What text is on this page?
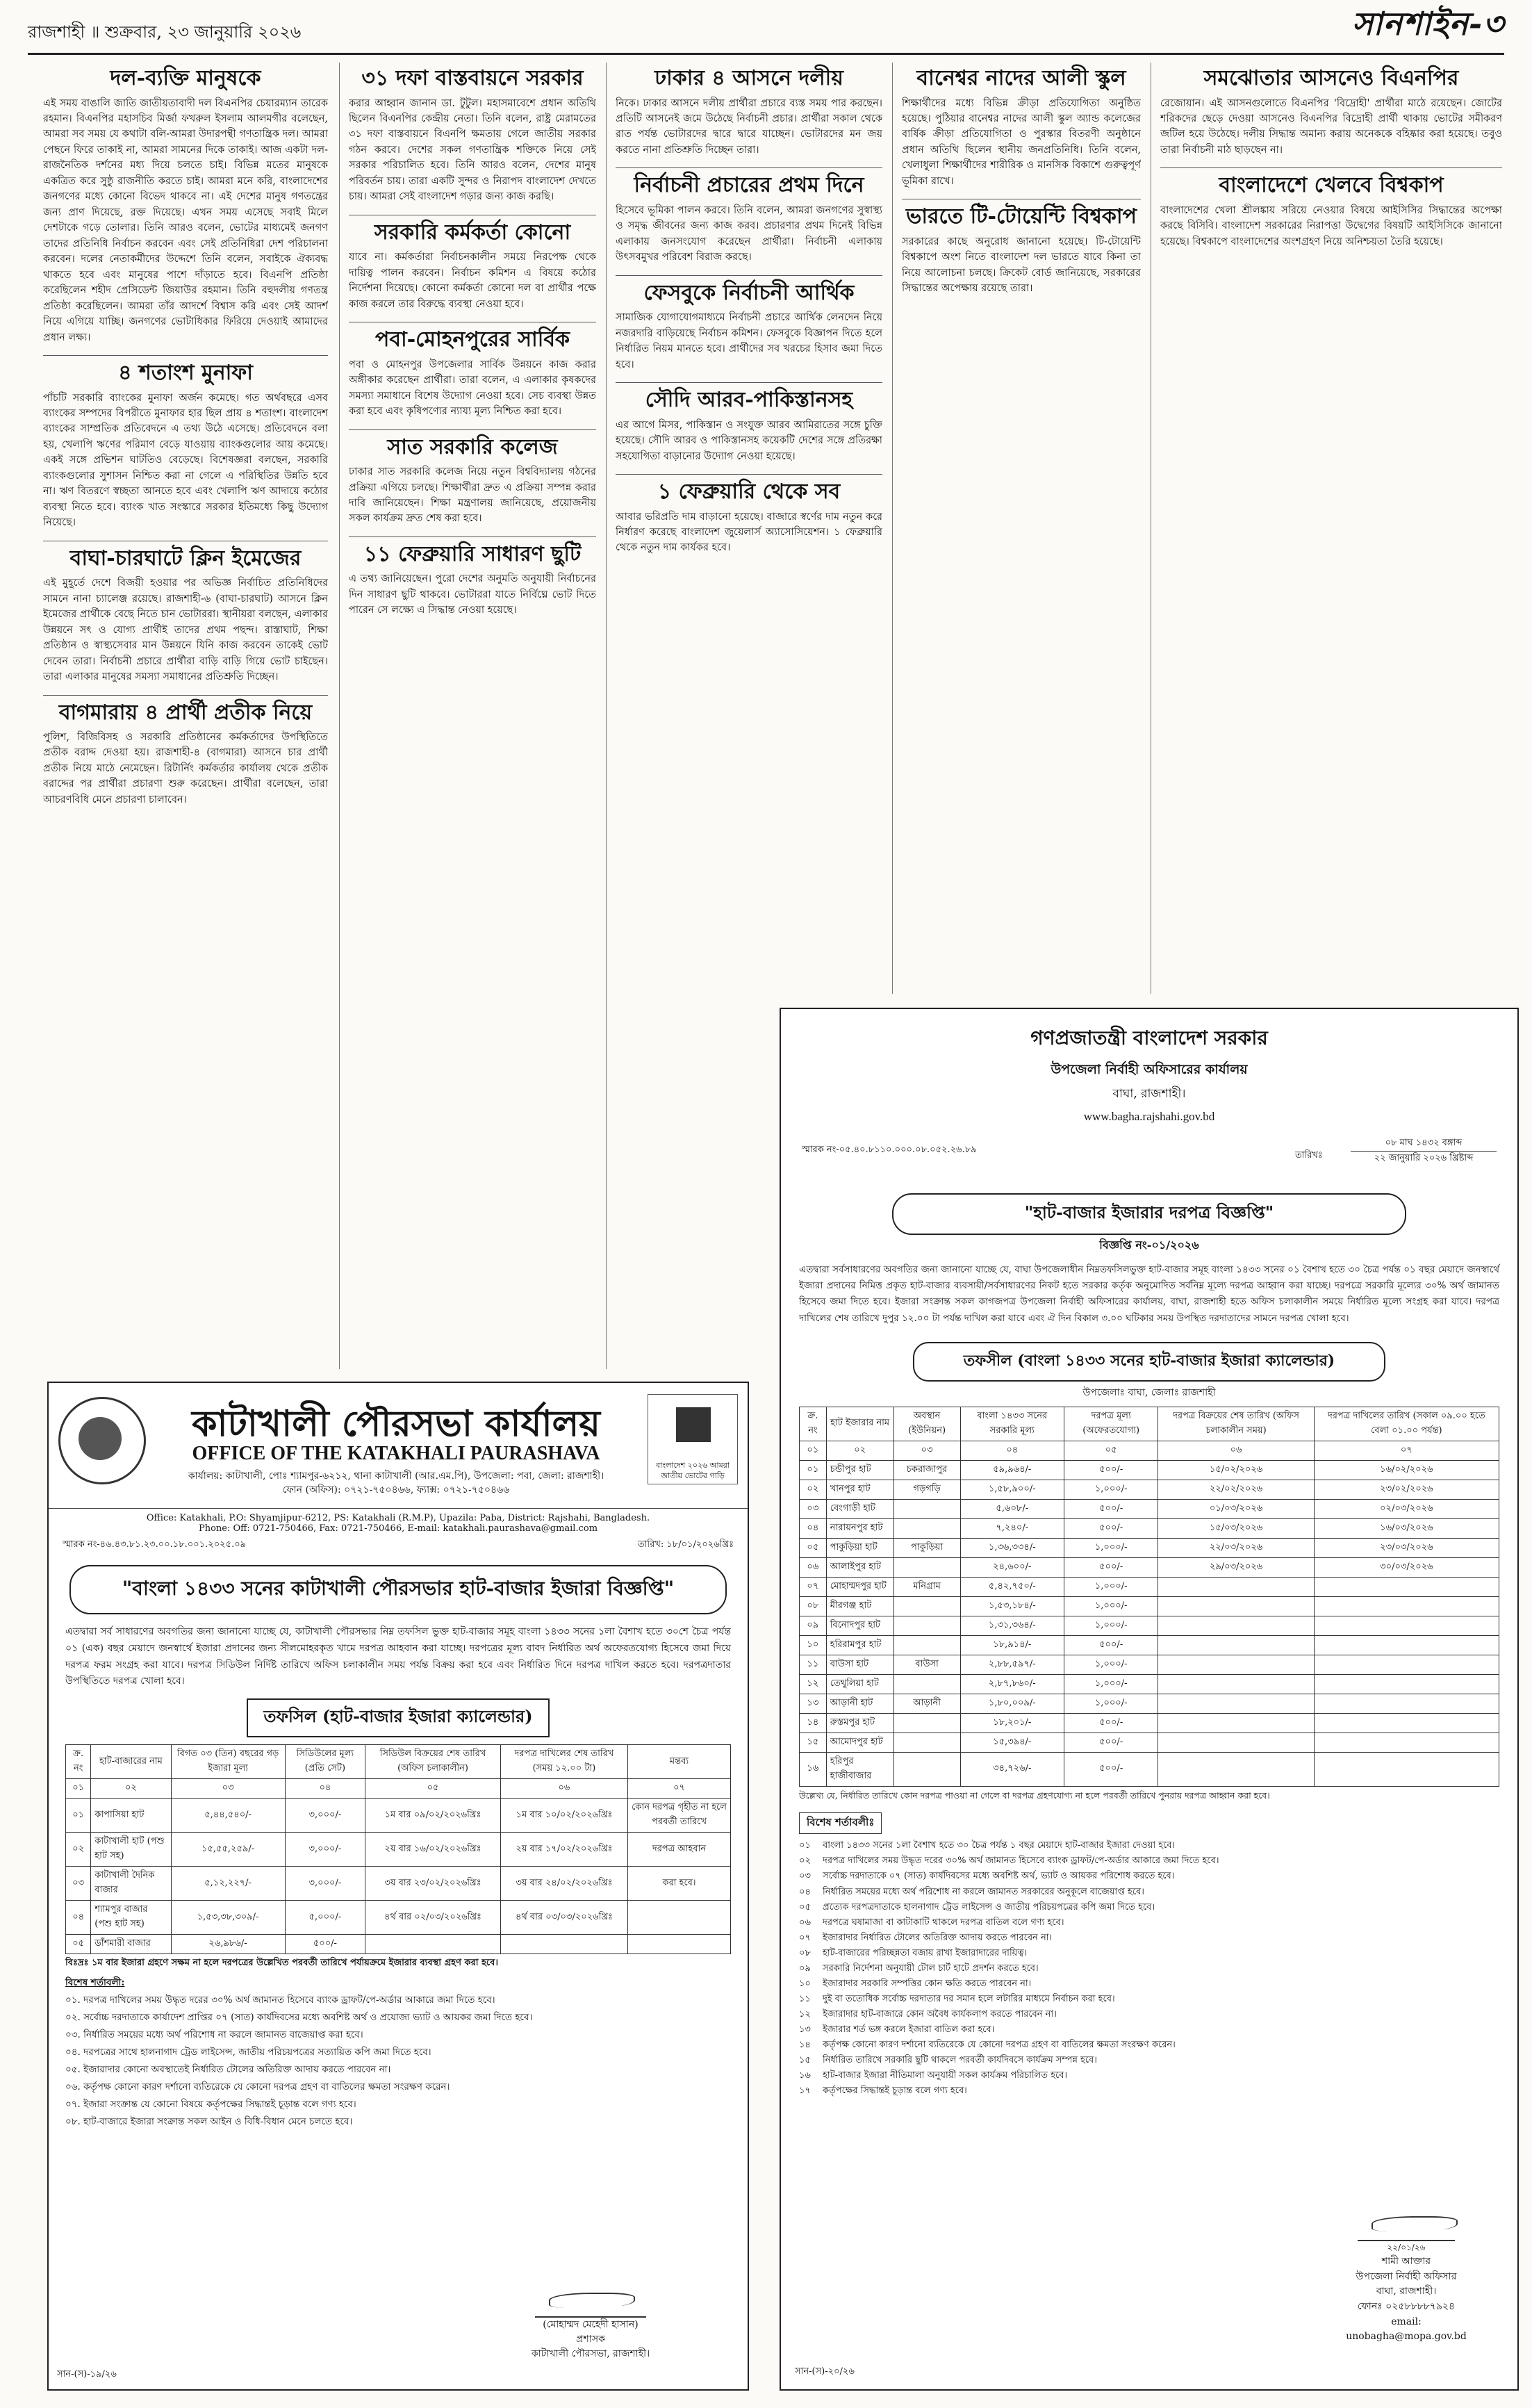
রাজশাহী ॥ শুক্রবার, ২৩ জানুয়ারি ২০২৬	সানশাইন-৩
দল-ব্যক্তি মানুষকে
এই সময় বাঙালি জাতি জাতীয়তাবাদী দল বিএনপির চেয়ারম্যান তারেক রহমান। বিএনপির মহাসচিব মির্জা ফখরুল ইসলাম আলমগীর বলেছেন, আমরা সব সময় যে কথাটা বলি-আমরা উদারপন্থী গণতান্ত্রিক দল। আমরা পেছনে ফিরে তাকাই না, আমরা সামনের দিকে তাকাই। আজ একটা দল-রাজনৈতিক দর্শনের মধ্য দিয়ে চলতে চাই। বিভিন্ন মতের মানুষকে একত্রিত করে সুষ্ঠু রাজনীতি করতে চাই। আমরা মনে করি, বাংলাদেশের জনগণের মধ্যে কোনো বিভেদ থাকবে না। এই দেশের মানুষ গণতন্ত্রের জন্য প্রাণ দিয়েছে, রক্ত দিয়েছে। এখন সময় এসেছে সবাই মিলে দেশটাকে গড়ে তোলার। তিনি আরও বলেন, ভোটের মাধ্যমেই জনগণ তাদের প্রতিনিধি নির্বাচন করবেন এবং সেই প্রতিনিধিরা দেশ পরিচালনা করবেন। দলের নেতাকর্মীদের উদ্দেশে তিনি বলেন, সবাইকে ঐক্যবদ্ধ থাকতে হবে এবং মানুষের পাশে দাঁড়াতে হবে। বিএনপি প্রতিষ্ঠা করেছিলেন শহীদ প্রেসিডেন্ট জিয়াউর রহমান। তিনি বহুদলীয় গণতন্ত্র প্রতিষ্ঠা করেছিলেন। আমরা তাঁর আদর্শে বিশ্বাস করি এবং সেই আদর্শ নিয়ে এগিয়ে যাচ্ছি। জনগণের ভোটাধিকার ফিরিয়ে দেওয়াই আমাদের প্রধান লক্ষ্য।
৪ শতাংশ মুনাফা
পাঁচটি সরকারি ব্যাংকের মুনাফা অর্জন কমেছে। গত অর্থবছরে এসব ব্যাংকের সম্পদের বিপরীতে মুনাফার হার ছিল প্রায় ৪ শতাংশ। বাংলাদেশ ব্যাংকের সাম্প্রতিক প্রতিবেদনে এ তথ্য উঠে এসেছে। প্রতিবেদনে বলা হয়, খেলাপি ঋণের পরিমাণ বেড়ে যাওয়ায় ব্যাংকগুলোর আয় কমেছে। একই সঙ্গে প্রভিশন ঘাটতিও বেড়েছে। বিশেষজ্ঞরা বলছেন, সরকারি ব্যাংকগুলোর সুশাসন নিশ্চিত করা না গেলে এ পরিস্থিতির উন্নতি হবে না। ঋণ বিতরণে স্বচ্ছতা আনতে হবে এবং খেলাপি ঋণ আদায়ে কঠোর ব্যবস্থা নিতে হবে। ব্যাংক খাত সংস্কারে সরকার ইতিমধ্যে কিছু উদ্যোগ নিয়েছে।
বাঘা-চারঘাটে ক্লিন ইমেজের
এই মুহূর্তে দেশে বিজয়ী হওয়ার পর অভিজ্ঞ নির্বাচিত প্রতিনিধিদের সামনে নানা চ্যালেঞ্জ রয়েছে। রাজশাহী-৬ (বাঘা-চারঘাট) আসনে ক্লিন ইমেজের প্রার্থীকে বেছে নিতে চান ভোটাররা। স্থানীয়রা বলছেন, এলাকার উন্নয়নে সৎ ও যোগ্য প্রার্থীই তাদের প্রথম পছন্দ। রাস্তাঘাট, শিক্ষা প্রতিষ্ঠান ও স্বাস্থ্যসেবার মান উন্নয়নে যিনি কাজ করবেন তাকেই ভোট দেবেন তারা। নির্বাচনী প্রচারে প্রার্থীরা বাড়ি বাড়ি গিয়ে ভোট চাইছেন। তারা এলাকার মানুষের সমস্যা সমাধানের প্রতিশ্রুতি দিচ্ছেন।
বাগমারায় ৪ প্রার্থী প্রতীক নিয়ে
পুলিশ, বিজিবিসহ ও সরকারি প্রতিষ্ঠানের কর্মকর্তাদের উপস্থিতিতে প্রতীক বরাদ্দ দেওয়া হয়। রাজশাহী-৪ (বাগমারা) আসনে চার প্রার্থী প্রতীক নিয়ে মাঠে নেমেছেন। রিটার্নিং কর্মকর্তার কার্যালয় থেকে প্রতীক বরাদ্দের পর প্রার্থীরা প্রচারণা শুরু করেছেন। প্রার্থীরা বলেছেন, তারা আচরণবিধি মেনে প্রচারণা চালাবেন।
৩১ দফা বাস্তবায়নে সরকার
করার আহ্বান জানান ডা. টুটুল। মহাসমাবেশে প্রধান অতিথি ছিলেন বিএনপির কেন্দ্রীয় নেতা। তিনি বলেন, রাষ্ট্র মেরামতের ৩১ দফা বাস্তবায়নে বিএনপি ক্ষমতায় গেলে জাতীয় সরকার গঠন করবে। দেশের সকল গণতান্ত্রিক শক্তিকে নিয়ে সেই সরকার পরিচালিত হবে। তিনি আরও বলেন, দেশের মানুষ পরিবর্তন চায়। তারা একটি সুন্দর ও নিরাপদ বাংলাদেশ দেখতে চায়। আমরা সেই বাংলাদেশ গড়ার জন্য কাজ করছি।
সরকারি কর্মকর্তা কোনো
যাবে না। কর্মকর্তারা নির্বাচনকালীন সময়ে নিরপেক্ষ থেকে দায়িত্ব পালন করবেন। নির্বাচন কমিশন এ বিষয়ে কঠোর নির্দেশনা দিয়েছে। কোনো কর্মকর্তা কোনো দল বা প্রার্থীর পক্ষে কাজ করলে তার বিরুদ্ধে ব্যবস্থা নেওয়া হবে।
পবা-মোহনপুরের সার্বিক
পবা ও মোহনপুর উপজেলার সার্বিক উন্নয়নে কাজ করার অঙ্গীকার করেছেন প্রার্থীরা। তারা বলেন, এ এলাকার কৃষকদের সমস্যা সমাধানে বিশেষ উদ্যোগ নেওয়া হবে। সেচ ব্যবস্থা উন্নত করা হবে এবং কৃষিপণ্যের ন্যায্য মূল্য নিশ্চিত করা হবে।
সাত সরকারি কলেজ
ঢাকার সাত সরকারি কলেজ নিয়ে নতুন বিশ্ববিদ্যালয় গঠনের প্রক্রিয়া এগিয়ে চলছে। শিক্ষার্থীরা দ্রুত এ প্রক্রিয়া সম্পন্ন করার দাবি জানিয়েছেন। শিক্ষা মন্ত্রণালয় জানিয়েছে, প্রয়োজনীয় সকল কার্যক্রম দ্রুত শেষ করা হবে।
১১ ফেব্রুয়ারি সাধারণ ছুটি
এ তথ্য জানিয়েছেন। পুরো দেশের অনুমতি অনুযায়ী নির্বাচনের দিন সাধারণ ছুটি থাকবে। ভোটাররা যাতে নির্বিঘ্নে ভোট দিতে পারেন সে লক্ষ্যে এ সিদ্ধান্ত নেওয়া হয়েছে।
ঢাকার ৪ আসনে দলীয়
নিকে। ঢাকার আসনে দলীয় প্রার্থীরা প্রচারে ব্যস্ত সময় পার করছেন। প্রতিটি আসনেই জমে উঠেছে নির্বাচনী প্রচার। প্রার্থীরা সকাল থেকে রাত পর্যন্ত ভোটারদের দ্বারে দ্বারে যাচ্ছেন। ভোটারদের মন জয় করতে নানা প্রতিশ্রুতি দিচ্ছেন তারা।
নির্বাচনী প্রচারের প্রথম দিনে
হিসেবে ভূমিকা পালন করবে। তিনি বলেন, আমরা জনগণের সুস্বাস্থ্য ও সমৃদ্ধ জীবনের জন্য কাজ করব। প্রচারণার প্রথম দিনেই বিভিন্ন এলাকায় জনসংযোগ করেছেন প্রার্থীরা। নির্বাচনী এলাকায় উৎসবমুখর পরিবেশ বিরাজ করছে।
ফেসবুকে নির্বাচনী আর্থিক
সামাজিক যোগাযোগমাধ্যমে নির্বাচনী প্রচারে আর্থিক লেনদেন নিয়ে নজরদারি বাড়িয়েছে নির্বাচন কমিশন। ফেসবুকে বিজ্ঞাপন দিতে হলে নির্ধারিত নিয়ম মানতে হবে। প্রার্থীদের সব খরচের হিসাব জমা দিতে হবে।
সৌদি আরব-পাকিস্তানসহ
এর আগে মিসর, পাকিস্তান ও সংযুক্ত আরব আমিরাতের সঙ্গে চুক্তি হয়েছে। সৌদি আরব ও পাকিস্তানসহ কয়েকটি দেশের সঙ্গে প্রতিরক্ষা সহযোগিতা বাড়ানোর উদ্যোগ নেওয়া হয়েছে।
১ ফেব্রুয়ারি থেকে সব
আবার ভরিপ্রতি দাম বাড়ানো হয়েছে। বাজারে স্বর্ণের দাম নতুন করে নির্ধারণ করেছে বাংলাদেশ জুয়েলার্স অ্যাসোসিয়েশন। ১ ফেব্রুয়ারি থেকে নতুন দাম কার্যকর হবে।
বানেশ্বর নাদের আলী স্কুল
শিক্ষার্থীদের মধ্যে বিভিন্ন ক্রীড়া প্রতিযোগিতা অনুষ্ঠিত হয়েছে। পুঠিয়ার বানেশ্বর নাদের আলী স্কুল অ্যান্ড কলেজের বার্ষিক ক্রীড়া প্রতিযোগিতা ও পুরস্কার বিতরণী অনুষ্ঠানে প্রধান অতিথি ছিলেন স্থানীয় জনপ্রতিনিধি। তিনি বলেন, খেলাধুলা শিক্ষার্থীদের শারীরিক ও মানসিক বিকাশে গুরুত্বপূর্ণ ভূমিকা রাখে।
ভারতে টি-টোয়েন্টি বিশ্বকাপ
সরকারের কাছে অনুরোধ জানানো হয়েছে। টি-টোয়েন্টি বিশ্বকাপে অংশ নিতে বাংলাদেশ দল ভারতে যাবে কিনা তা নিয়ে আলোচনা চলছে। ক্রিকেট বোর্ড জানিয়েছে, সরকারের সিদ্ধান্তের অপেক্ষায় রয়েছে তারা।
সমঝোতার আসনেও বিএনপির
রেজোয়ান। এই আসনগুলোতে বিএনপির 'বিদ্রোহী' প্রার্থীরা মাঠে রয়েছেন। জোটের শরিকদের ছেড়ে দেওয়া আসনেও বিএনপির বিদ্রোহী প্রার্থী থাকায় ভোটের সমীকরণ জটিল হয়ে উঠেছে। দলীয় সিদ্ধান্ত অমান্য করায় অনেককে বহিষ্কার করা হয়েছে। তবুও তারা নির্বাচনী মাঠ ছাড়ছেন না।
বাংলাদেশে খেলবে বিশ্বকাপ
বাংলাদেশের খেলা শ্রীলঙ্কায় সরিয়ে নেওয়ার বিষয়ে আইসিসির সিদ্ধান্তের অপেক্ষা করছে বিসিবি। বাংলাদেশ সরকারের নিরাপত্তা উদ্বেগের বিষয়টি আইসিসিকে জানানো হয়েছে। বিশ্বকাপে বাংলাদেশের অংশগ্রহণ নিয়ে অনিশ্চয়তা তৈরি হয়েছে।
কাটাখালী পৌরসভা কার্যালয়
OFFICE OF THE KATAKHALI PAURASHAVA
কার্যালয়: কাটাখালী, পোঃ শ্যামপুর-৬২১২, থানা কাটাখালী (আর.এম.পি), উপজেলা: পবা, জেলা: রাজশাহী।
ফোন (অফিস): ০৭২১-৭৫০৪৬৬, ফ্যাক্স: ০৭২১-৭৫০৪৬৬
বাংলাদেশ ২০২৬ আমরা জাতীয় ভোটের গাড়ি
Office: Katakhali, P.O: Shyamjipur-6212, PS: Katakhali (R.M.P), Upazila: Paba, District: Rajshahi, Bangladesh.
Phone: Off: 0721-750466, Fax: 0721-750466, E-mail: katakhali.paurashava@gmail.com
স্মারক নং-৪৬.৪৩.৮১.২৩.০০.১৮.০০১.২০২৫.০৯	তারিখ: ১৮/০১/২০২৬খ্রিঃ
"বাংলা ১৪৩৩ সনের কাটাখালী পৌরসভার হাট-বাজার ইজারা বিজ্ঞপ্তি"
এতদ্বারা সর্ব সাধারণের অবগতির জন্য জানানো যাচ্ছে যে, কাটাখালী পৌরসভার নিম্ন তফসিল ভুক্ত হাট-বাজার সমূহ বাংলা ১৪৩৩ সনের ১লা বৈশাখ হতে ৩০শে চৈত্র পর্যন্ত ০১ (এক) বছর মেয়াদে জনস্বার্থে ইজারা প্রদানের জন্য সীলমোহরকৃত খামে দরপত্র আহবান করা যাচ্ছে। দরপত্রের মূল্য বাবদ নির্ধারিত অর্থ অফেরতযোগ্য হিসেবে জমা দিয়ে দরপত্র ফরম সংগ্রহ করা যাবে। দরপত্র সিডিউল নির্দিষ্ট তারিখে অফিস চলাকালীন সময় পর্যন্ত বিক্রয় করা হবে এবং নির্ধারিত দিনে দরপত্র দাখিল করতে হবে। দরপত্রদাতার উপস্থিতিতে দরপত্র খোলা হবে।
তফসিল (হাট-বাজার ইজারা ক্যালেন্ডার)
ক্র. নং	হাট-বাজারের নাম	বিগত ০৩ (তিন) বছরের গড় ইজারা মূল্য	সিডিউলের মূল্য (প্রতি সেট)	সিডিউল বিক্রয়ের শেষ তারিখ (অফিস চলাকালীন)	দরপত্র দাখিলের শেষ তারিখ (সময় ১২.০০ টা)	মন্তব্য
০১	০২	০৩	০৪	০৫	০৬	০৭
০১	কাপাসিয়া হাট	৫,৪৪,৫৪০/-	৩,০০০/-	১ম বার ০৯/০২/২০২৬খ্রিঃ	১ম বার ১০/০২/২০২৬খ্রিঃ	কোন দরপত্র গৃহীত না হলে পরবর্তী তারিখে
০২	কাটাখালী হাট (পশু হাট সহ)	১৫,৫৫,২৫৯/-	৩,০০০/-	২য় বার ১৬/০২/২০২৬খ্রিঃ	২য় বার ১৭/০২/২০২৬খ্রিঃ	দরপত্র আহবান
০৩	কাটাখালী দৈনিক বাজার	৫,১২,২২৭/-	৩,০০০/-	৩য় বার ২৩/০২/২০২৬খ্রিঃ	৩য় বার ২৪/০২/২০২৬খ্রিঃ	করা হবে।
০৪	শ্যামপুর বাজার (পশু হাট সহ)	১,৫৩,৩৮,৩০৯/-	৫,০০০/-	৪র্থ বার ০২/০৩/২০২৬খ্রিঃ	৪র্থ বার ০৩/০৩/২০২৬খ্রিঃ	
০৫	ডাঁশমারী বাজার	২৬,৯৮৬/-	৫০০/-			
বিঃদ্রঃ ১ম বার ইজারা গ্রহণে সক্ষম না হলে দরপত্রের উল্লেখিত পরবর্তী তারিখে পর্যায়ক্রমে ইজারার ব্যবস্থা গ্রহণ করা হবে।
বিশেষ শর্তাবলী:
০১. দরপত্র দাখিলের সময় উদ্ধৃত দরের ৩০% অর্থ জামানত হিসেবে ব্যাংক ড্রাফট/পে-অর্ডার আকারে জমা দিতে হবে।
০২. সর্বোচ্চ দরদাতাকে কার্যাদেশ প্রাপ্তির ০৭ (সাত) কার্যদিবসের মধ্যে অবশিষ্ট অর্থ ও প্রযোজ্য ভ্যাট ও আয়কর জমা দিতে হবে।
০৩. নির্ধারিত সময়ের মধ্যে অর্থ পরিশোধ না করলে জামানত বাজেয়াপ্ত করা হবে।
০৪. দরপত্রের সাথে হালনাগাদ ট্রেড লাইসেন্স, জাতীয় পরিচয়পত্রের সত্যায়িত কপি জমা দিতে হবে।
০৫. ইজারাদার কোনো অবস্থাতেই নির্ধারিত টোলের অতিরিক্ত আদায় করতে পারবেন না।
০৬. কর্তৃপক্ষ কোনো কারণ দর্শানো ব্যতিরেকে যে কোনো দরপত্র গ্রহণ বা বাতিলের ক্ষমতা সংরক্ষণ করেন।
০৭. ইজারা সংক্রান্ত যে কোনো বিষয়ে কর্তৃপক্ষের সিদ্ধান্তই চূড়ান্ত বলে গণ্য হবে।
০৮. হাট-বাজারে ইজারা সংক্রান্ত সকল আইন ও বিধি-বিধান মেনে চলতে হবে।
(মোহাম্মদ মেহেদী হাসান)
প্রশাসক
কাটাখালী পৌরসভা, রাজশাহী।
সান-(স)-১৯/২৬
গণপ্রজাতন্ত্রী বাংলাদেশ সরকার
উপজেলা নির্বাহী অফিসারের কার্যালয়
বাঘা, রাজশাহী।
www.bagha.rajshahi.gov.bd
স্মারক নং-০৫.৪০.৮১১০.০০০.০৮.০৫২.২৬.৮৯
তারিখঃ
০৮ মাঘ ১৪৩২ বঙ্গাব্দ
২২ জানুয়ারি ২০২৬ খ্রিষ্টাব্দ
"হাট-বাজার ইজারার দরপত্র বিজ্ঞপ্তি"
বিজ্ঞপ্তি নং-০১/২০২৬
এতদ্বারা সর্বসাধারণের অবগতির জন্য জানানো যাচ্ছে যে, বাঘা উপজেলাধীন নিম্নতফসিলভুক্ত হাট-বাজার সমূহ বাংলা ১৪৩৩ সনের ০১ বৈশাখ হতে ৩০ চৈত্র পর্যন্ত ০১ বছর মেয়াদে জনস্বার্থে ইজারা প্রদানের নিমিত্ত প্রকৃত হাট-বাজার ব্যবসায়ী/সর্বসাধারণের নিকট হতে সরকার কর্তৃক অনুমোদিত সর্বনিম্ন মূল্যে দরপত্র আহ্বান করা যাচ্ছে। দরপত্রে সরকারি মূল্যের ৩০% অর্থ জামানত হিসেবে জমা দিতে হবে। ইজারা সংক্রান্ত সকল কাগজপত্র উপজেলা নির্বাহী অফিসারের কার্যালয়, বাঘা, রাজশাহী হতে অফিস চলাকালীন সময়ে নির্ধারিত মূল্যে সংগ্রহ করা যাবে। দরপত্র দাখিলের শেষ তারিখে দুপুর ১২.০০ টা পর্যন্ত দাখিল করা যাবে এবং ঐ দিন বিকাল ৩.০০ ঘটিকার সময় উপস্থিত দরদাতাদের সামনে দরপত্র খোলা হবে।
তফসীল (বাংলা ১৪৩৩ সনের হাট-বাজার ইজারা ক্যালেন্ডার)
উপজেলাঃ বাঘা, জেলাঃ রাজশাহী
ক্র. নং	হাট ইজারার নাম	অবস্থান (ইউনিয়ন)	বাংলা ১৪৩৩ সনের সরকারি মূল্য	দরপত্র মূল্য (অফেরতযোগ্য)	দরপত্র বিক্রয়ের শেষ তারিখ (অফিস চলাকালীন সময়)	দরপত্র দাখিলের তারিখ (সকাল ০৯.০০ হতে বেলা ০১.০০ পর্যন্ত)
০১	০২	০৩	০৪	০৫	০৬	০৭
০১	চন্ডীপুর হাট	চকরাজাপুর	৫৯,৯৬৪/-	৫০০/-	১৫/০২/২০২৬	১৬/০২/২০২৬
০২	খানপুর হাট	গড়গড়ি	১,৫৮,৯০০/-	১,০০০/-	২২/০২/২০২৬	২৩/০২/২০২৬
০৩	বেংগাড়ী হাট		৫,৬০৮/-	৫০০/-	০১/০৩/২০২৬	০২/০৩/২০২৬
০৪	নারায়নপুর হাট		৭,২৪০/-	৫০০/-	১৫/০৩/২০২৬	১৬/০৩/২০২৬
০৫	পাকুড়িয়া হাট	পাকুড়িয়া	১,৩৬,৩৩৪/-	১,০০০/-	২২/০৩/২০২৬	২৩/০৩/২০২৬
০৬	আলাইপুর হাট		২৪,৬০০/-	৫০০/-	২৯/০৩/২০২৬	৩০/০৩/২০২৬
০৭	মোহাম্মদপুর হাট	মনিগ্রাম	৫,৪২,৭৫০/-	১,০০০/-		
০৮	মীরগঞ্জ হাট		১,৫৩,১৮৪/-	১,০০০/-		
০৯	বিনোদপুর হাট		১,৩১,৩৬৪/-	১,০০০/-		
১০	হরিরামপুর হাট		১৮,৯১৪/-	৫০০/-		
১১	বাউসা হাট	বাউসা	২,৮৮,৫৯৭/-	১,০০০/-		
১২	তেথুলিয়া হাট		২,৮৭,৮৬০/-	১,০০০/-		
১৩	আড়ানী হাট	আড়ানী	১,৮০,০০৯/-	১,০০০/-		
১৪	রুস্তমপুর হাট		১৮,২০১/-	৫০০/-		
১৫	আমোদপুর হাট		১৫,৩৯৪/-	৫০০/-		
১৬	হরিপুর হাজীবাজার		৩৪,৭২৬/-	৫০০/-		
উল্লেখ্য যে, নির্ধারিত তারিখে কোন দরপত্র পাওয়া না গেলে বা দরপত্র গ্রহণযোগ্য না হলে পরবর্তী তারিখে পুনরায় দরপত্র আহ্বান করা হবে।
বিশেষ শর্তাবলীঃ
০১	বাংলা ১৪৩৩ সনের ১লা বৈশাখ হতে ৩০ চৈত্র পর্যন্ত ১ বছর মেয়াদে হাট-বাজার ইজারা দেওয়া হবে।
০২	দরপত্র দাখিলের সময় উদ্ধৃত দরের ৩০% অর্থ জামানত হিসেবে ব্যাংক ড্রাফট/পে-অর্ডার আকারে জমা দিতে হবে।
০৩	সর্বোচ্চ দরদাতাকে ০৭ (সাত) কার্যদিবসের মধ্যে অবশিষ্ট অর্থ, ভ্যাট ও আয়কর পরিশোধ করতে হবে।
০৪	নির্ধারিত সময়ের মধ্যে অর্থ পরিশোধ না করলে জামানত সরকারের অনুকূলে বাজেয়াপ্ত হবে।
০৫	প্রত্যেক দরপত্রদাতাকে হালনাগাদ ট্রেড লাইসেন্স ও জাতীয় পরিচয়পত্রের কপি জমা দিতে হবে।
০৬	দরপত্রে ঘষামাজা বা কাটাকাটি থাকলে দরপত্র বাতিল বলে গণ্য হবে।
০৭	ইজারাদার নির্ধারিত টোলের অতিরিক্ত আদায় করতে পারবেন না।
০৮	হাট-বাজারের পরিচ্ছন্নতা বজায় রাখা ইজারাদারের দায়িত্ব।
০৯	সরকারি নির্দেশনা অনুযায়ী টোল চার্ট হাটে প্রদর্শন করতে হবে।
১০	ইজারাদার সরকারি সম্পত্তির কোন ক্ষতি করতে পারবেন না।
১১	দুই বা ততোধিক সর্বোচ্চ দরদাতার দর সমান হলে লটারির মাধ্যমে নির্বাচন করা হবে।
১২	ইজারাদার হাট-বাজারে কোন অবৈধ কার্যকলাপ করতে পারবেন না।
১৩	ইজারার শর্ত ভঙ্গ করলে ইজারা বাতিল করা হবে।
১৪	কর্তৃপক্ষ কোনো কারণ দর্শানো ব্যতিরেকে যে কোনো দরপত্র গ্রহণ বা বাতিলের ক্ষমতা সংরক্ষণ করেন।
১৫	নির্ধারিত তারিখে সরকারি ছুটি থাকলে পরবর্তী কার্যদিবসে কার্যক্রম সম্পন্ন হবে।
১৬	হাট-বাজার ইজারা নীতিমালা অনুযায়ী সকল কার্যক্রম পরিচালিত হবে।
১৭	কর্তৃপক্ষের সিদ্ধান্তই চূড়ান্ত বলে গণ্য হবে।
২২/০১/২৬
শামী আক্তার
উপজেলা নির্বাহী অফিসার
বাঘা, রাজশাহী।
ফোনঃ ০২৫৮৮৮৮৭৯২৪
email: unobagha@mopa.gov.bd
সান-(স)-২০/২৬
